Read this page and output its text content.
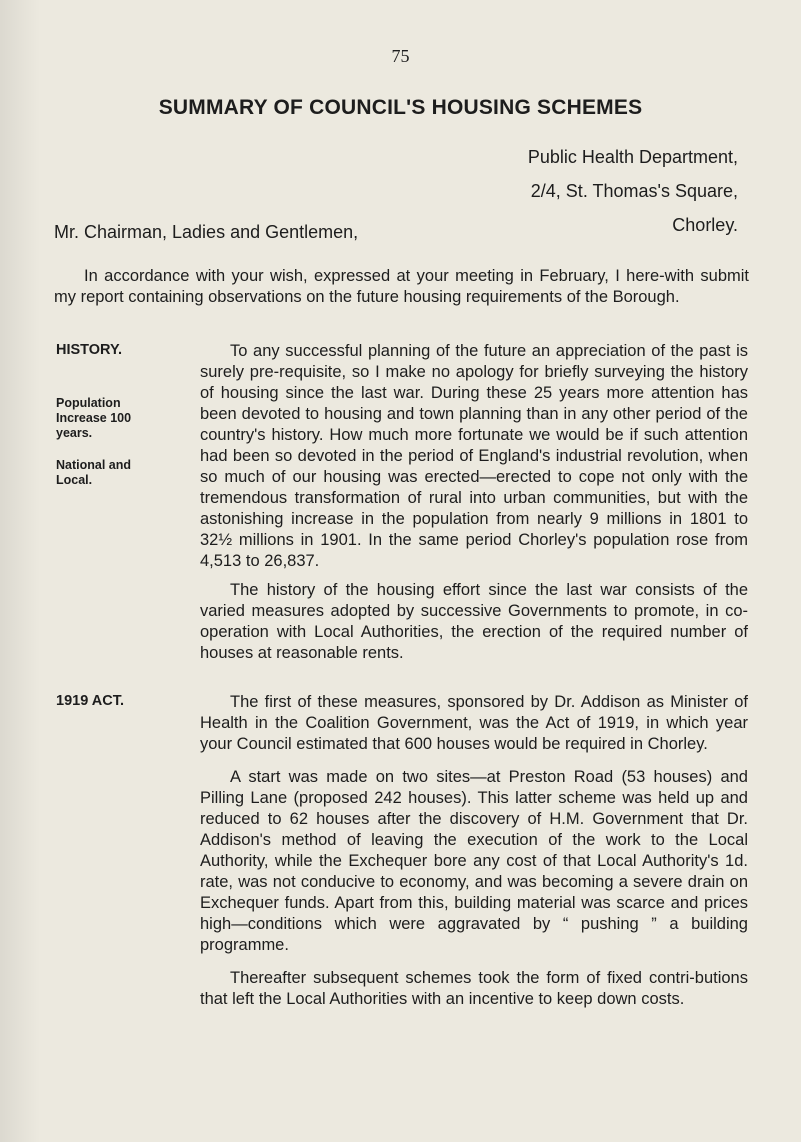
75
SUMMARY OF COUNCIL'S HOUSING SCHEMES
Public Health Department,
2/4, St. Thomas's Square,
Chorley.
Mr. Chairman, Ladies and Gentlemen,
In accordance with your wish, expressed at your meeting in February, I here-with submit my report containing observations on the future housing requirements of the Borough.
HISTORY.
Population
Increase 100
years.
National and
Local.
1919 ACT.

To any successful planning of the future an appreciation of the past is surely pre-requisite, so I make no apology for briefly surveying the history of housing since the last war. During these 25 years more attention has been devoted to housing and town planning than in any other period of the country's history. How much more fortunate we would be if such attention had been so devoted in the period of England's industrial revolution, when so much of our housing was erected—erected to cope not only with the tremendous transformation of rural into urban communities, but with the astonishing increase in the population from nearly 9 millions in 1801 to 32½ millions in 1901. In the same period Chorley's population rose from 4,513 to 26,837.

The history of the housing effort since the last war consists of the varied measures adopted by successive Governments to promote, in co-operation with Local Authorities, the erection of the required number of houses at reasonable rents.

The first of these measures, sponsored by Dr. Addison as Minister of Health in the Coalition Government, was the Act of 1919, in which year your Council estimated that 600 houses would be required in Chorley.

A start was made on two sites—at Preston Road (53 houses) and Pilling Lane (proposed 242 houses). This latter scheme was held up and reduced to 62 houses after the discovery of H.M. Government that Dr. Addison's method of leaving the execution of the work to the Local Authority, while the Exchequer bore any cost of that Local Authority's 1d. rate, was not conducive to economy, and was becoming a severe drain on Exchequer funds. Apart from this, building material was scarce and prices high—conditions which were aggravated by “ pushing ” a building programme.

Thereafter subsequent schemes took the form of fixed contri-butions that left the Local Authorities with an incentive to keep down costs.
